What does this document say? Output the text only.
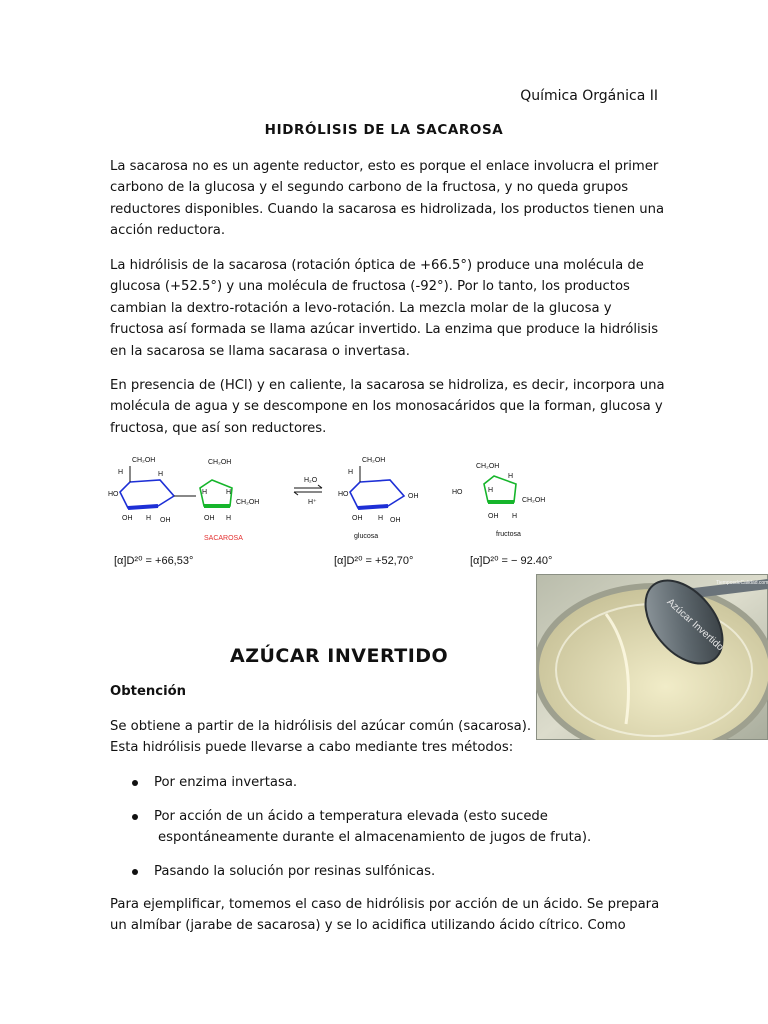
Química Orgánica II
HIDRÓLISIS DE LA SACAROSA
La sacarosa no es un agente reductor, esto es porque el enlace involucra el primer
carbono de la glucosa y el segundo carbono de la fructosa, y no queda grupos
reductores disponibles. Cuando la sacarosa es hidrolizada, los productos tienen una
acción reductora.
La hidrólisis de la sacarosa (rotación óptica de +66.5°) produce una molécula de
glucosa (+52.5°) y una molécula de fructosa (-92°). Por lo tanto, los productos
cambian la dextro-rotación a levo-rotación. La mezcla molar de la glucosa y
fructosa así formada se llama azúcar invertido. La enzima que produce la hidrólisis
en la sacarosa se llama sacarasa o invertasa.
En presencia de (HCl) y en caliente, la sacarosa se hidroliza, es decir, incorpora una
molécula de agua y se descompone en los monosacáridos que la forman, glucosa y
fructosa, que así son reductores.
CH₂OH
H
HO
OH H
H
OH
CH₂OH
H	H
OH H
CH₂OH
SACAROSA
H₂O
H⁺
CH₂OH
H
HO
OH H
OH
OH
glucosa
CH₂OH
HO	H
H
OH H
CH₂OH
fructosa
[α]D²⁰ = +66,53°	[α]D²⁰ = +52,70°	[α]D²⁰ = − 92.40°
Azúcar Invertido
TiemposdeCalidad.com
AZÚCAR INVERTIDO
Obtención
Se obtiene a partir de la hidrólisis del azúcar común (sacarosa).
Esta hidrólisis puede llevarse a cabo mediante tres métodos:
Por enzima invertasa.
Por acción de un ácido a temperatura elevada (esto sucede
espontáneamente durante el almacenamiento de jugos de fruta).
Pasando la solución por resinas sulfónicas.
Para ejemplificar, tomemos el caso de hidrólisis por acción de un ácido. Se prepara
un almíbar (jarabe de sacarosa) y se lo acidifica utilizando ácido cítrico. Como
